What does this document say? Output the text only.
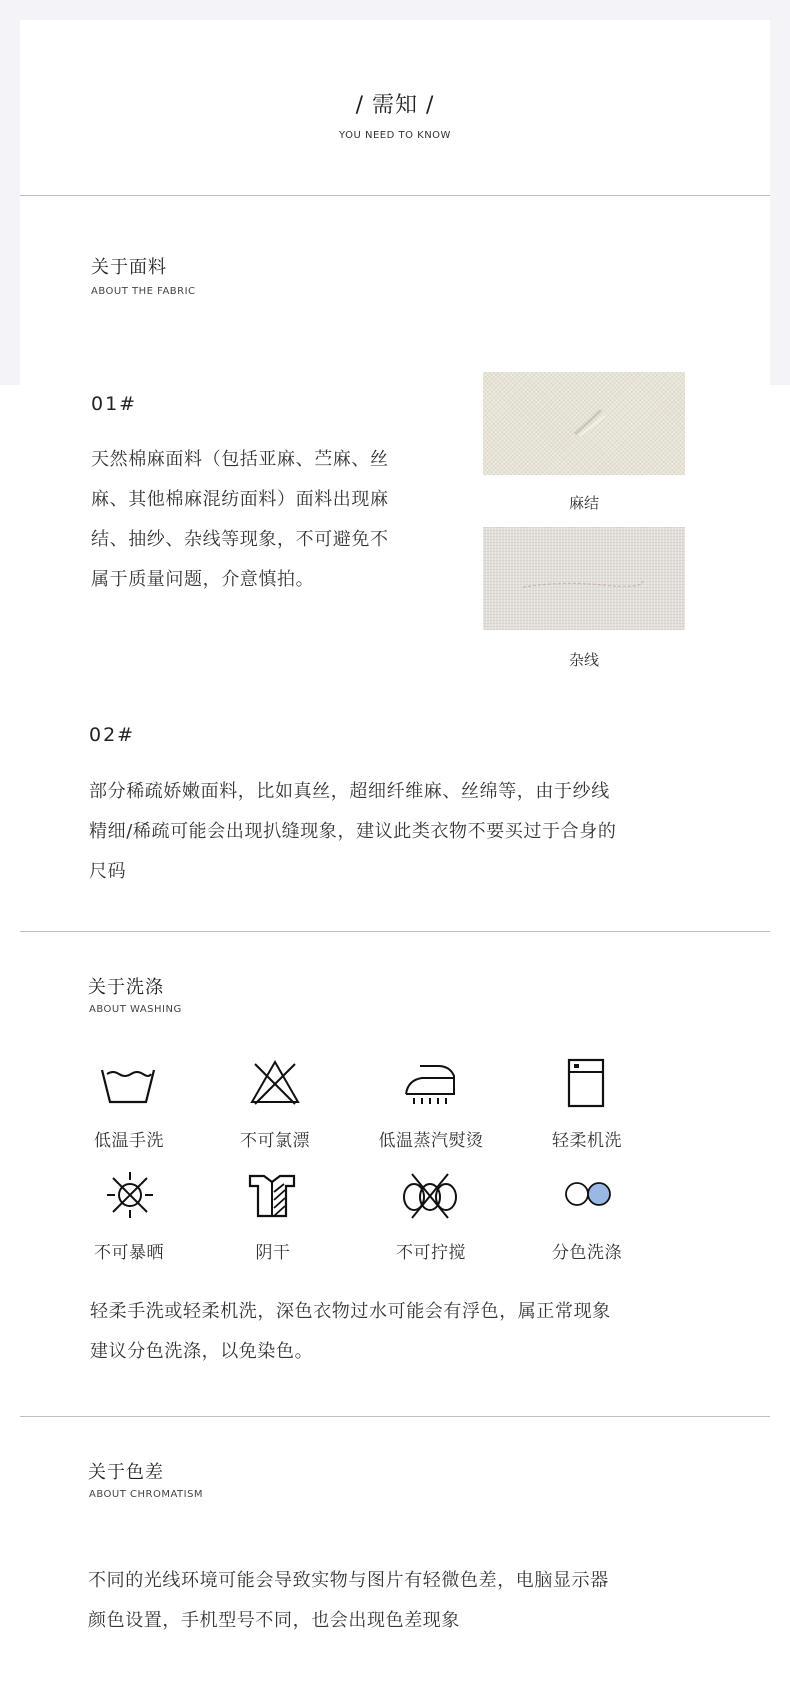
/ 需知 /
YOU NEED TO KNOW
关于面料
ABOUT THE FABRIC
01#
天然棉麻面料（包括亚麻、苎麻、丝
麻、其他棉麻混纺面料）面料出现麻
结、抽纱、杂线等现象，不可避免不
属于质量问题，介意慎拍。
麻结
杂线
02#
部分稀疏娇嫩面料，比如真丝，超细纤维麻、丝绵等，由于纱线
精细/稀疏可能会出现扒缝现象，建议此类衣物不要买过于合身的
尺码
关于洗涤
ABOUT WASHING
低温手洗	不可氯漂	低温蒸汽熨烫	轻柔机洗
不可暴晒	阴干	不可拧搅	分色洗涤
轻柔手洗或轻柔机洗，深色衣物过水可能会有浮色，属正常现象
建议分色洗涤，以免染色。
关于色差
ABOUT CHROMATISM
不同的光线环境可能会导致实物与图片有轻微色差，电脑显示器
颜色设置，手机型号不同，也会出现色差现象
